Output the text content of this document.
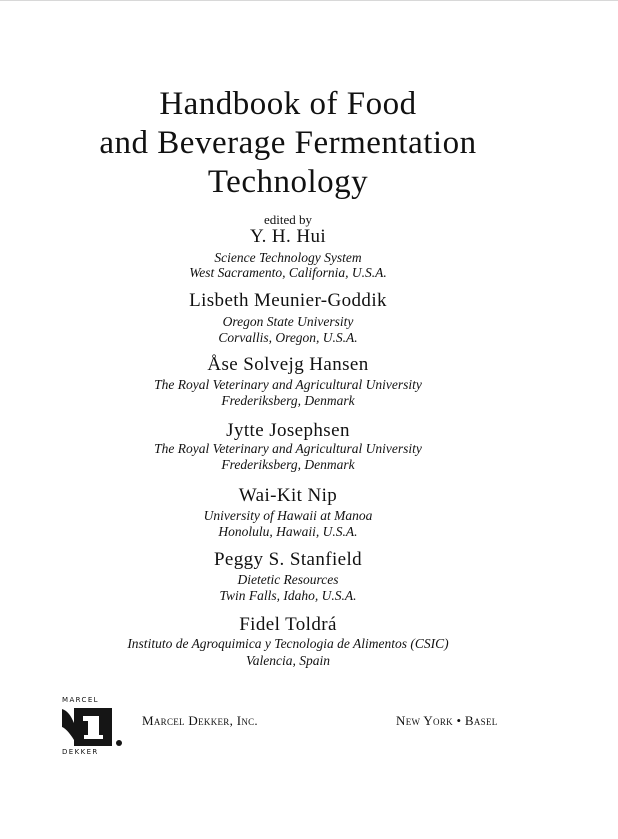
Handbook of Food
and Beverage Fermentation
Technology
edited by
Y. H. Hui
Science Technology System
West Sacramento, California, U.S.A.
Lisbeth Meunier-Goddik
Oregon State University
Corvallis, Oregon, U.S.A.
Åse Solvejg Hansen
The Royal Veterinary and Agricultural University
Frederiksberg, Denmark
Jytte Josephsen
The Royal Veterinary and Agricultural University
Frederiksberg, Denmark
Wai-Kit Nip
University of Hawaii at Manoa
Honolulu, Hawaii, U.S.A.
Peggy S. Stanfield
Dietetic Resources
Twin Falls, Idaho, U.S.A.
Fidel Toldrá
Instituto de Agroquimica y Tecnologia de Alimentos (CSIC)
Valencia, Spain
MARCEL
DEKKER
Marcel Dekker, Inc.	New York • Basel
